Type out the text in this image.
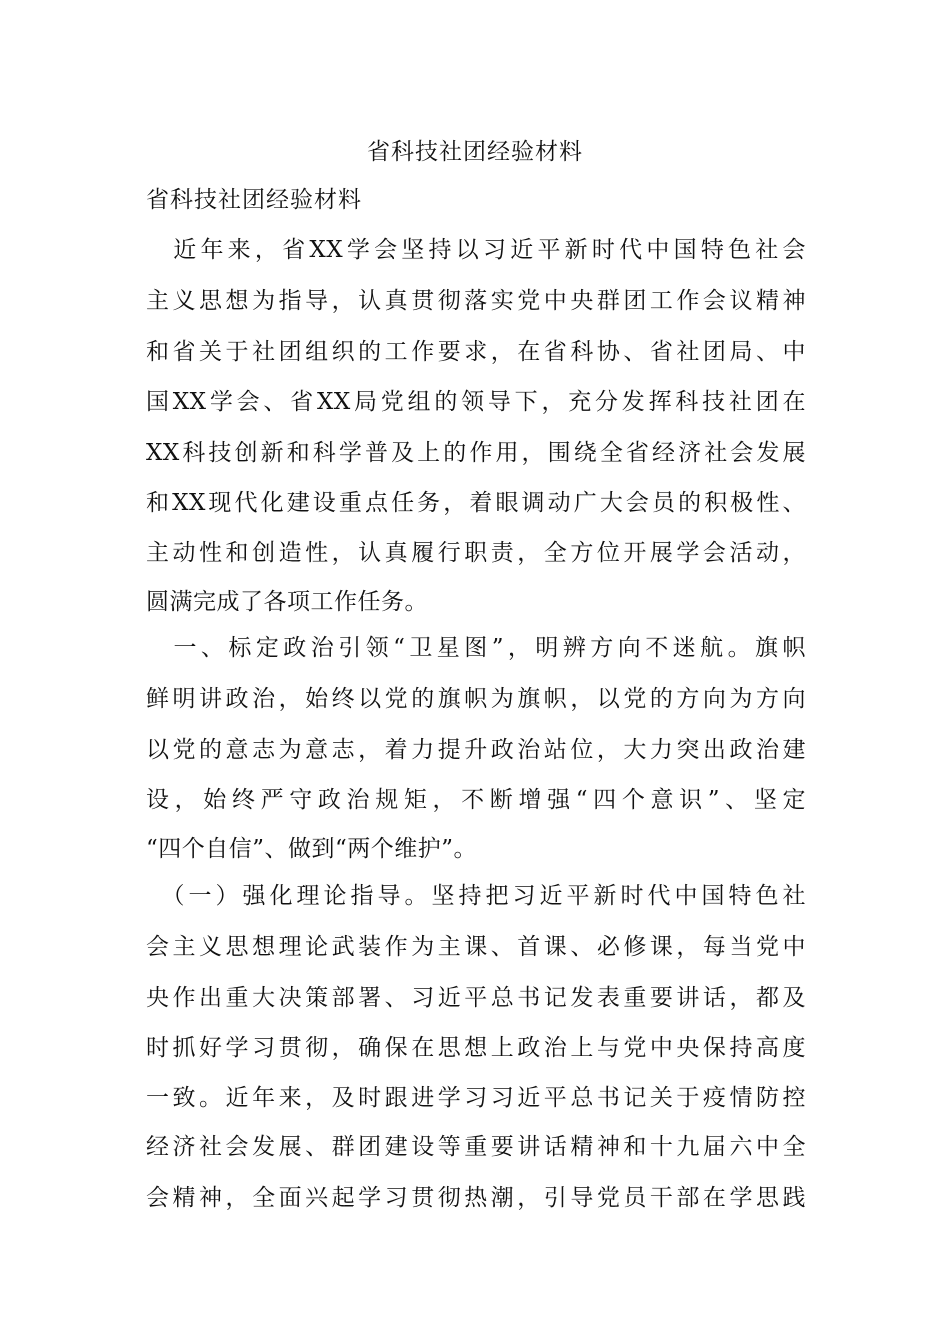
省科技社团经验材料
省科技社团经验材料
　近年来，省XX学会坚持以习近平新时代中国特色社会
主义思想为指导，认真贯彻落实党中央群团工作会议精神
和省关于社团组织的工作要求，在省科协、省社团局、中
国XX学会、省XX局党组的领导下，充分发挥科技社团在
XX科技创新和科学普及上的作用，围绕全省经济社会发展
和XX现代化建设重点任务，着眼调动广大会员的积极性、
主动性和创造性，认真履行职责，全方位开展学会活动，
圆满完成了各项工作任务。
　一、标定政治引领“卫星图”，明辨方向不迷航。旗帜
鲜明讲政治，始终以党的旗帜为旗帜，以党的方向为方向
以党的意志为意志，着力提升政治站位，大力突出政治建
设，始终严守政治规矩，不断增强“四个意识”、坚定
“四个自信”、做到“两个维护”。
　（一）强化理论指导。坚持把习近平新时代中国特色社
会主义思想理论武装作为主课、首课、必修课，每当党中
央作出重大决策部署、习近平总书记发表重要讲话，都及
时抓好学习贯彻，确保在思想上政治上与党中央保持高度
一致。近年来，及时跟进学习习近平总书记关于疫情防控
经济社会发展、群团建设等重要讲话精神和十九届六中全
会精神，全面兴起学习贯彻热潮，引导党员干部在学思践
